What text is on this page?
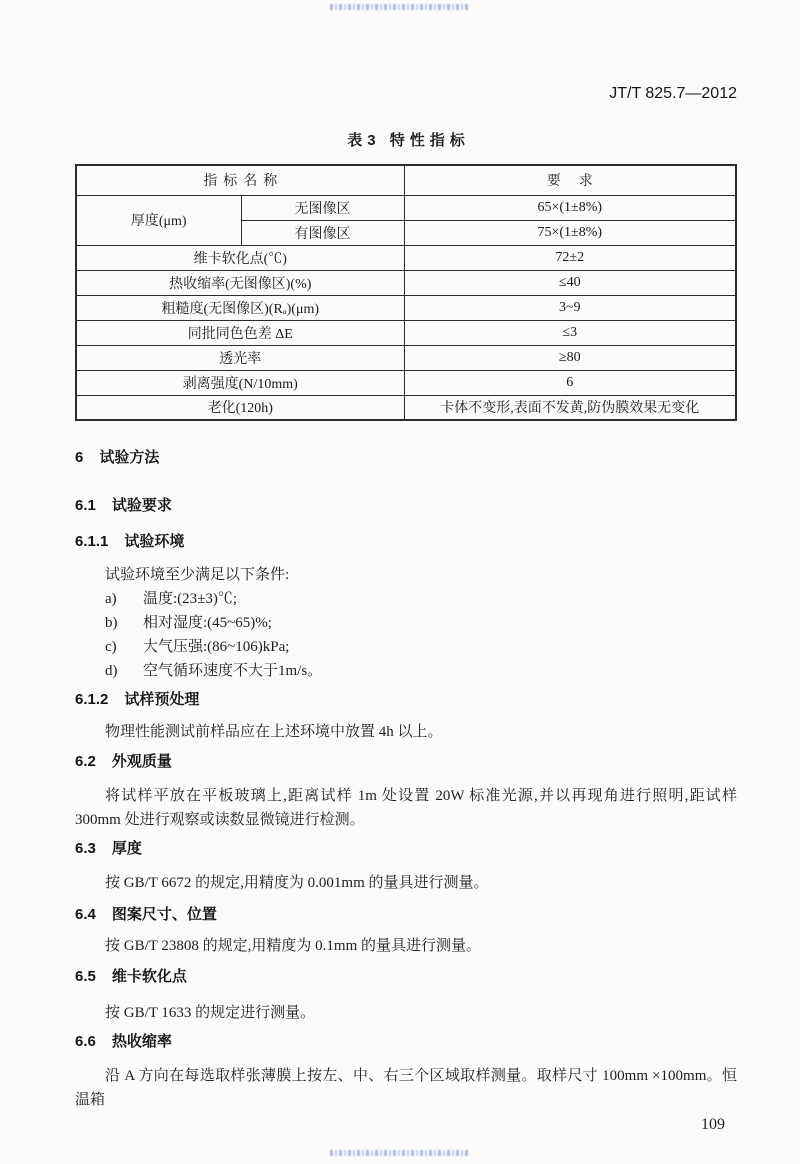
JT/T 825.7—2012
表3 特性指标
指标名称		要求
厚度(μm)	无图像区	65×(1±8%)
	有图像区	75×(1±8%)
维卡软化点(℃)		72±2
热收缩率(无图像区)(%)		≤40
粗糙度(无图像区)(Rₐ)(μm)		3~9
同批同色色差 ΔE		≤3
透光率		≥80
剥离强度(N/10mm)		6
老化(120h)		卡体不变形,表面不发黄,防伪膜效果无变化
6 试验方法
6.1 试验要求
6.1.1 试验环境

试验环境至少满足以下条件:

a) 温度:(23±3)℃;
b) 相对湿度:(45~65)%;
c) 大气压强:(86~106)kPa;
d) 空气循环速度不大于1m/s。
6.1.2 试样预处理

物理性能测试前样品应在上述环境中放置 4h 以上。

6.2 外观质量

将试样平放在平板玻璃上,距离试样 1m 处设置 20W 标准光源,并以再现角进行照明,距试样 300mm 处进行观察或读数显微镜进行检测。

6.3 厚度

按 GB/T 6672 的规定,用精度为 0.001mm 的量具进行测量。

6.4 图案尺寸、位置

按 GB/T 23808 的规定,用精度为 0.1mm 的量具进行测量。

6.5 维卡软化点

按 GB/T 1633 的规定进行测量。

6.6 热收缩率

沿 A 方向在每选取样张薄膜上按左、中、右三个区域取样测量。取样尺寸 100mm ×100mm。恒温箱

109
